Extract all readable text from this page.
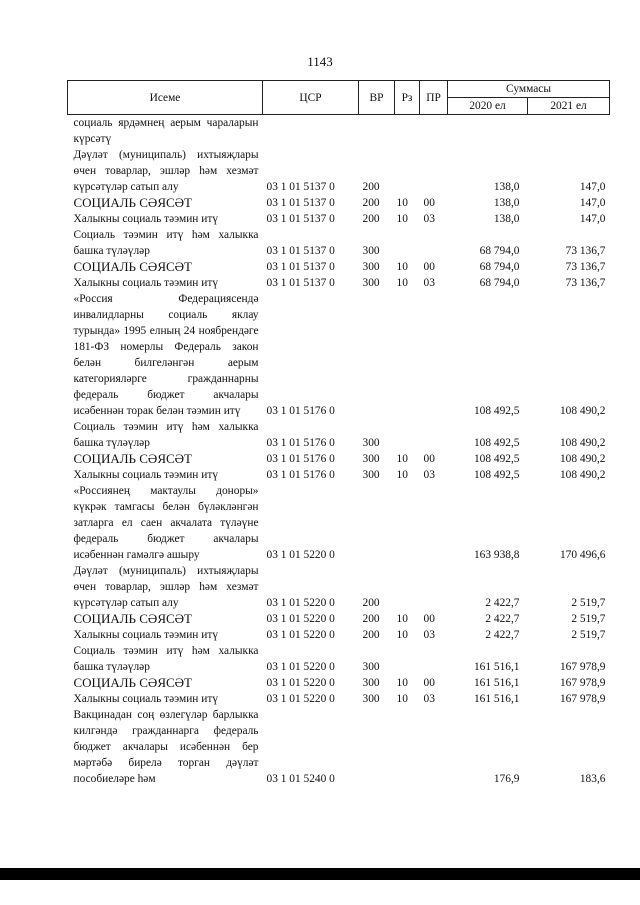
1143
Исеме	ЦСР	ВР	Рз	ПР	Суммасы	
					2020 ел	2021 ел
социаль ярдәмнең аерым чараларын күрсәтү						
Дәүләт (муниципаль) ихтыяҗлары өчен товарлар, эшләр һәм хезмәт күрсәтүләр сатып алу	03 1 01 5137 0	200			138,0	147,0
СОЦИАЛЬ СӘЯСӘТ	03 1 01 5137 0	200	10	00	138,0	147,0
Халыкны социаль тәэмин итү	03 1 01 5137 0	200	10	03	138,0	147,0
Социаль тәэмин итү һәм халыкка башка түләүләр	03 1 01 5137 0	300			68 794,0	73 136,7
СОЦИАЛЬ СӘЯСӘТ	03 1 01 5137 0	300	10	00	68 794,0	73 136,7
Халыкны социаль тәэмин итү	03 1 01 5137 0	300	10	03	68 794,0	73 136,7
«Россия Федерациясендә инвалидларны социаль яклау турында» 1995 елның 24 ноябрендәге 181-ФЗ номерлы Федераль закон белән билгеләнгән аерым категорияләрге гражданнарны федераль бюджет акчалары исәбеннән торак белән тәэмин итү	03 1 01 5176 0				108 492,5	108 490,2
Социаль тәэмин итү һәм халыкка башка түләүләр	03 1 01 5176 0	300			108 492,5	108 490,2
СОЦИАЛЬ СӘЯСӘТ	03 1 01 5176 0	300	10	00	108 492,5	108 490,2
Халыкны социаль тәэмин итү	03 1 01 5176 0	300	10	03	108 492,5	108 490,2
«Россиянең мактаулы доноры» күкрәк тамгасы белән бүләкләнгән затларга ел саен акчалата түләүне федераль бюджет акчалары исәбеннән гамәлгә ашыру	03 1 01 5220 0				163 938,8	170 496,6
Дәүләт (муниципаль) ихтыяҗлары өчен товарлар, эшләр һәм хезмәт күрсәтүләр сатып алу	03 1 01 5220 0	200			2 422,7	2 519,7
СОЦИАЛЬ СӘЯСӘТ	03 1 01 5220 0	200	10	00	2 422,7	2 519,7
Халыкны социаль тәэмин итү	03 1 01 5220 0	200	10	03	2 422,7	2 519,7
Социаль тәэмин итү һәм халыкка башка түләүләр	03 1 01 5220 0	300			161 516,1	167 978,9
СОЦИАЛЬ СӘЯСӘТ	03 1 01 5220 0	300	10	00	161 516,1	167 978,9
Халыкны социаль тәэмин итү	03 1 01 5220 0	300	10	03	161 516,1	167 978,9
Вакцинадан соң өзлегүләр барлыкка килгәндә гражданнарга федераль бюджет акчалары исәбеннән бер мәртәбә бирелә торган дәүләт пособиеләре һәм	03 1 01 5240 0				176,9	183,6
